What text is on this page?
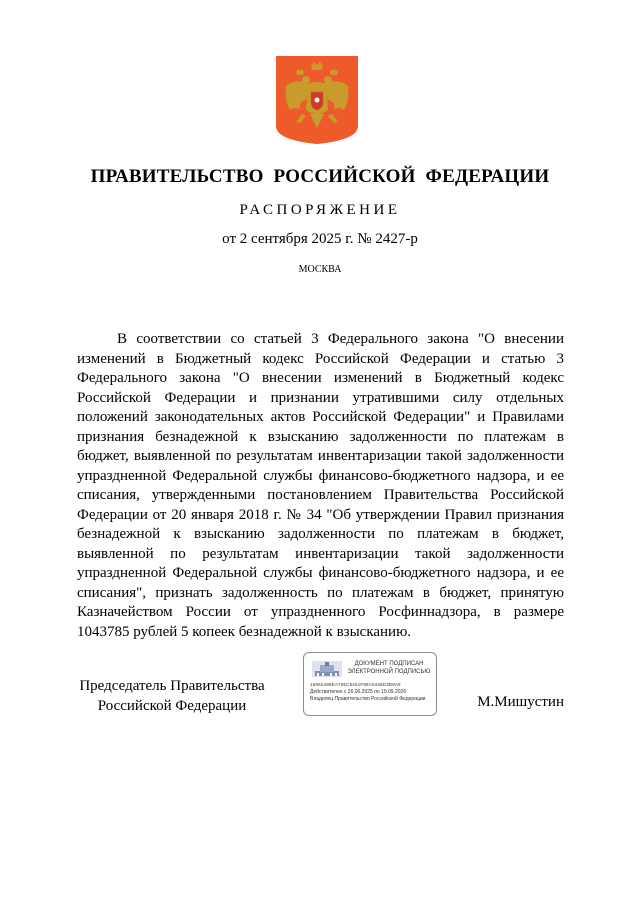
ПРАВИТЕЛЬСТВО РОССИЙСКОЙ ФЕДЕРАЦИИ
РАСПОРЯЖЕНИЕ
от 2 сентября 2025 г. № 2427-р
МОСКВА

В соответствии со статьей 3 Федерального закона "О внесении изменений в Бюджетный кодекс Российской Федерации и статью 3 Федерального закона "О внесении изменений в Бюджетный кодекс Российской Федерации и признании утратившими силу отдельных положений законодательных актов Российской Федерации" и Правилами признания безнадежной к взысканию задолженности по платежам в бюджет, выявленной по результатам инвентаризации такой задолженности упраздненной Федеральной службы финансово-бюджетного надзора, и ее списания, утвержденными постановлением Правительства Российской Федерации от 20 января 2018 г. № 34 "Об утверждении Правил признания безнадежной к взысканию задолженности по платежам в бюджет, выявленной по результатам инвентаризации такой задолженности упраздненной Федеральной службы финансово-бюджетного надзора, и ее списания", признать задолженность по платежам в бюджет, принятую Казначейством России от упраздненного Росфиннадзора, в размере 1043785 рублей 5 копеек безнадежной к взысканию.

Председатель Правительства
Российской Федерации
ДОКУМЕНТ ПОДПИСАН
ЭЛЕКТРОННОЙ ПОДПИСЬЮ
16962488EA795C5451F98A5448D3B9A9
Действителен с 26.06.2025 по 19.09.2026
Владелец Правительство Российской Федерации	М.Мишустин
